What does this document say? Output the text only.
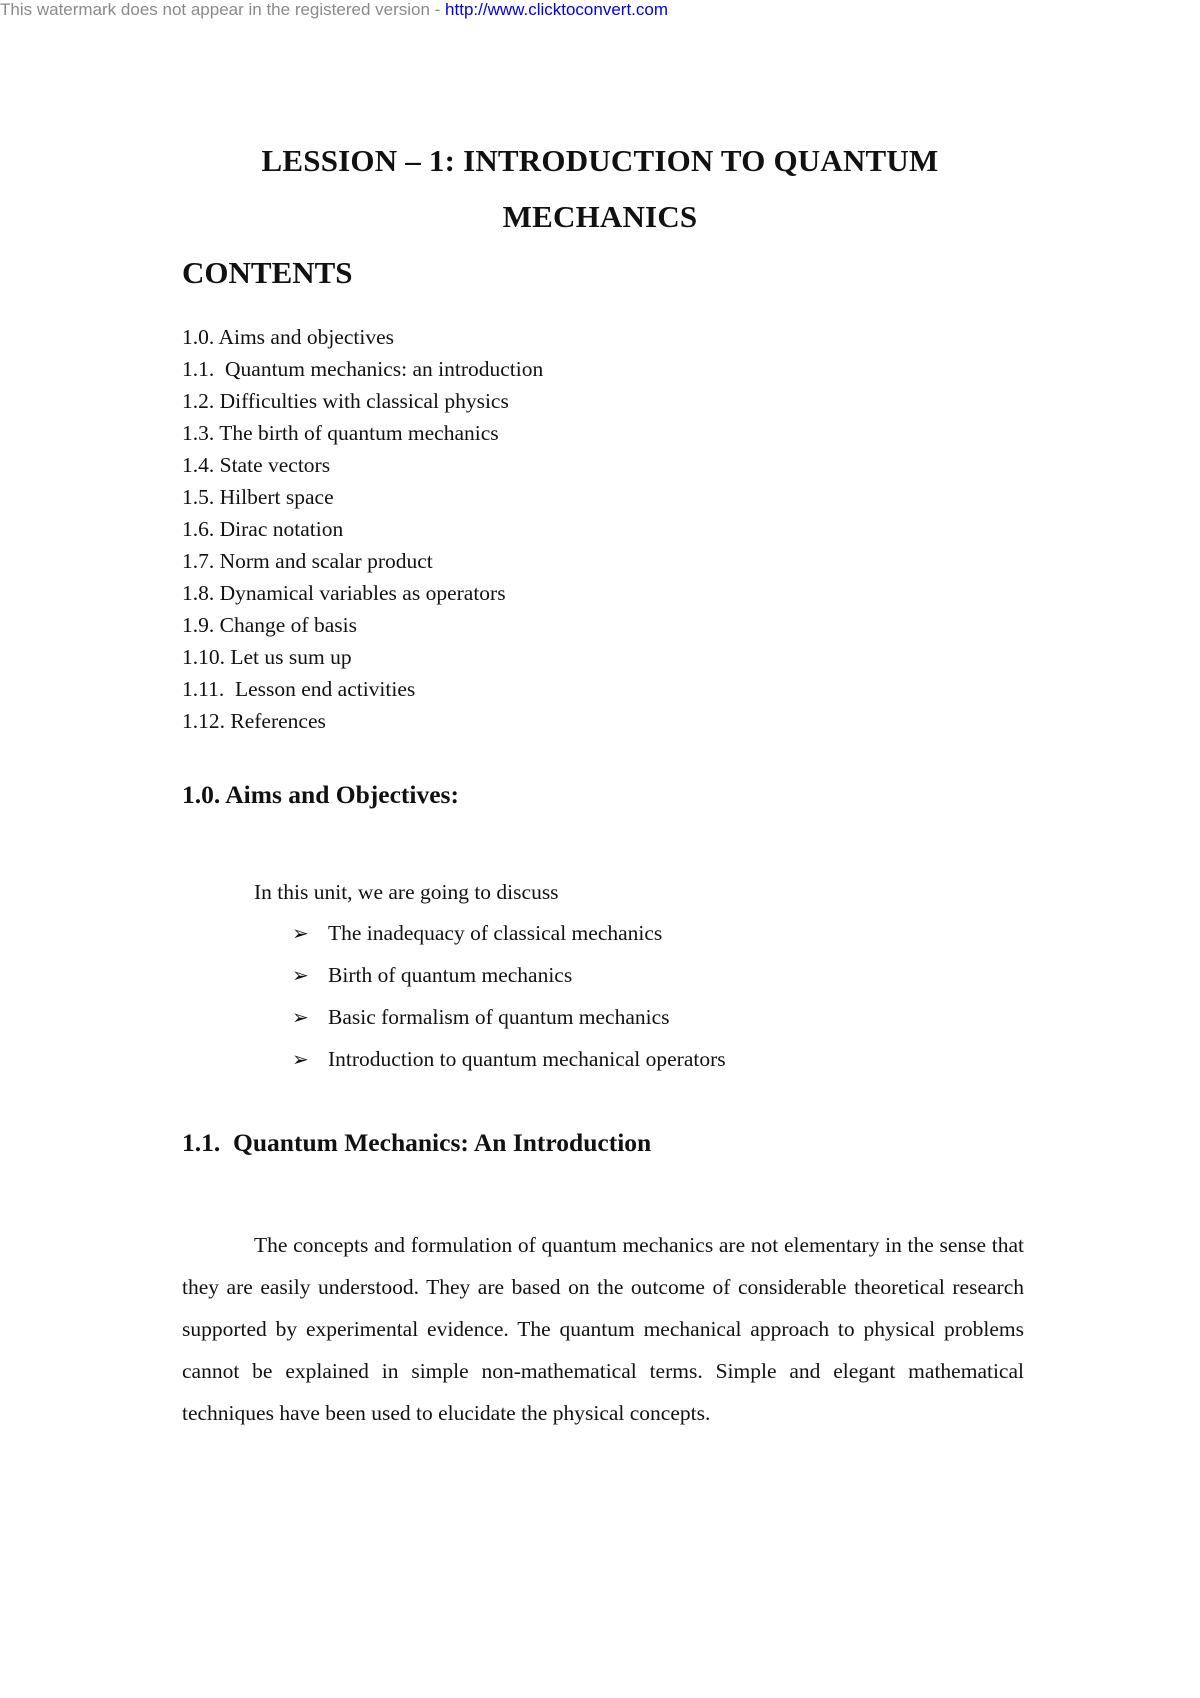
This watermark does not appear in the registered version - http://www.clicktoconvert.com
LESSION – 1: INTRODUCTION TO QUANTUM
MECHANICS
CONTENTS
1.0. Aims and objectives
1.1.  Quantum mechanics: an introduction
1.2. Difficulties with classical physics
1.3. The birth of quantum mechanics
1.4. State vectors
1.5. Hilbert space
1.6. Dirac notation
1.7. Norm and scalar product
1.8. Dynamical variables as operators
1.9. Change of basis
1.10. Let us sum up
1.11.  Lesson end activities
1.12. References
1.0. Aims and Objectives:
In this unit, we are going to discuss
➢ The inadequacy of classical mechanics
➢ Birth of quantum mechanics
➢ Basic formalism of quantum mechanics
➢ Introduction to quantum mechanical operators
1.1.  Quantum Mechanics: An Introduction

The concepts and formulation of quantum mechanics are not elementary in the sense that they are easily understood. They are based on the outcome of considerable theoretical research supported by experimental evidence. The quantum mechanical approach to physical problems cannot be explained in simple non-mathematical terms. Simple and elegant mathematical techniques have been used to elucidate the physical concepts.
